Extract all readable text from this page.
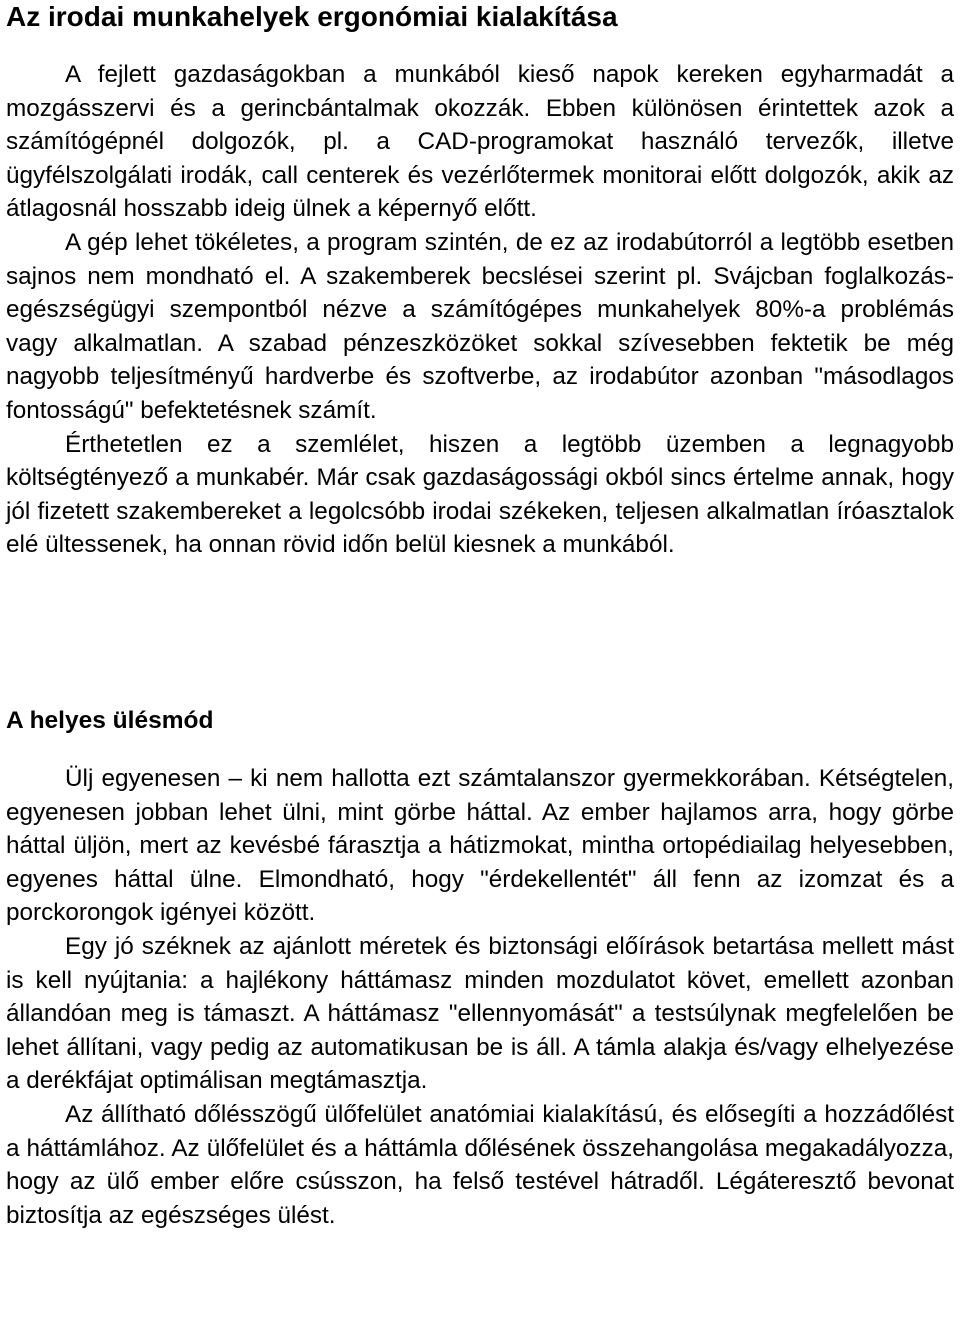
Az irodai munkahelyek ergonómiai kialakítása

A fejlett gazdaságokban a munkából kieső napok kereken egyharmadát a mozgásszervi és a gerincbántalmak okozzák. Ebben különösen érintettek azok a számítógépnél dolgozók, pl. a CAD-programokat használó tervezők, illetve ügyfélszolgálati irodák, call centerek és vezérlőtermek monitorai előtt dolgozók, akik az átlagosnál hosszabb ideig ülnek a képernyő előtt.

A gép lehet tökéletes, a program szintén, de ez az irodabútorról a legtöbb esetben sajnos nem mondható el. A szakemberek becslései szerint pl. Svájcban foglalkozás-egészségügyi szempontból nézve a számítógépes munkahelyek 80%-a problémás vagy alkalmatlan. A szabad pénzeszközöket sokkal szívesebben fektetik be még nagyobb teljesítményű hardverbe és szoftverbe, az irodabútor azonban "másodlagos fontosságú" befektetésnek számít.

Érthetetlen ez a szemlélet, hiszen a legtöbb üzemben a legnagyobb költségtényező a munkabér. Már csak gazdaságossági okból sincs értelme annak, hogy jól fizetett szakembereket a legolcsóbb irodai székeken, teljesen alkalmatlan íróasztalok elé ültessenek, ha onnan rövid időn belül kiesnek a munkából.

A helyes ülésmód

Ülj egyenesen – ki nem hallotta ezt számtalanszor gyermekkorában. Kétségtelen, egyenesen jobban lehet ülni, mint görbe háttal. Az ember hajlamos arra, hogy görbe háttal üljön, mert az kevésbé fárasztja a hátizmokat, mintha ortopédiailag helyesebben, egyenes háttal ülne. Elmondható, hogy "érdekellentét" áll fenn az izomzat és a porckorongok igényei között.

Egy jó széknek az ajánlott méretek és biztonsági előírások betartása mellett mást is kell nyújtania: a hajlékony háttámasz minden mozdulatot követ, emellett azonban állandóan meg is támaszt. A háttámasz "ellennyomását" a testsúlynak megfelelően be lehet állítani, vagy pedig az automatikusan be is áll. A támla alakja és/vagy elhelyezése a derékfájat optimálisan megtámasztja.

Az állítható dőlésszögű ülőfelület anatómiai kialakítású, és elősegíti a hozzádőlést a háttámlához. Az ülőfelület és a háttámla dőlésének összehangolása megakadályozza, hogy az ülő ember előre csússzon, ha felső testével hátradől. Légáteresztő bevonat biztosítja az egészséges ülést.
